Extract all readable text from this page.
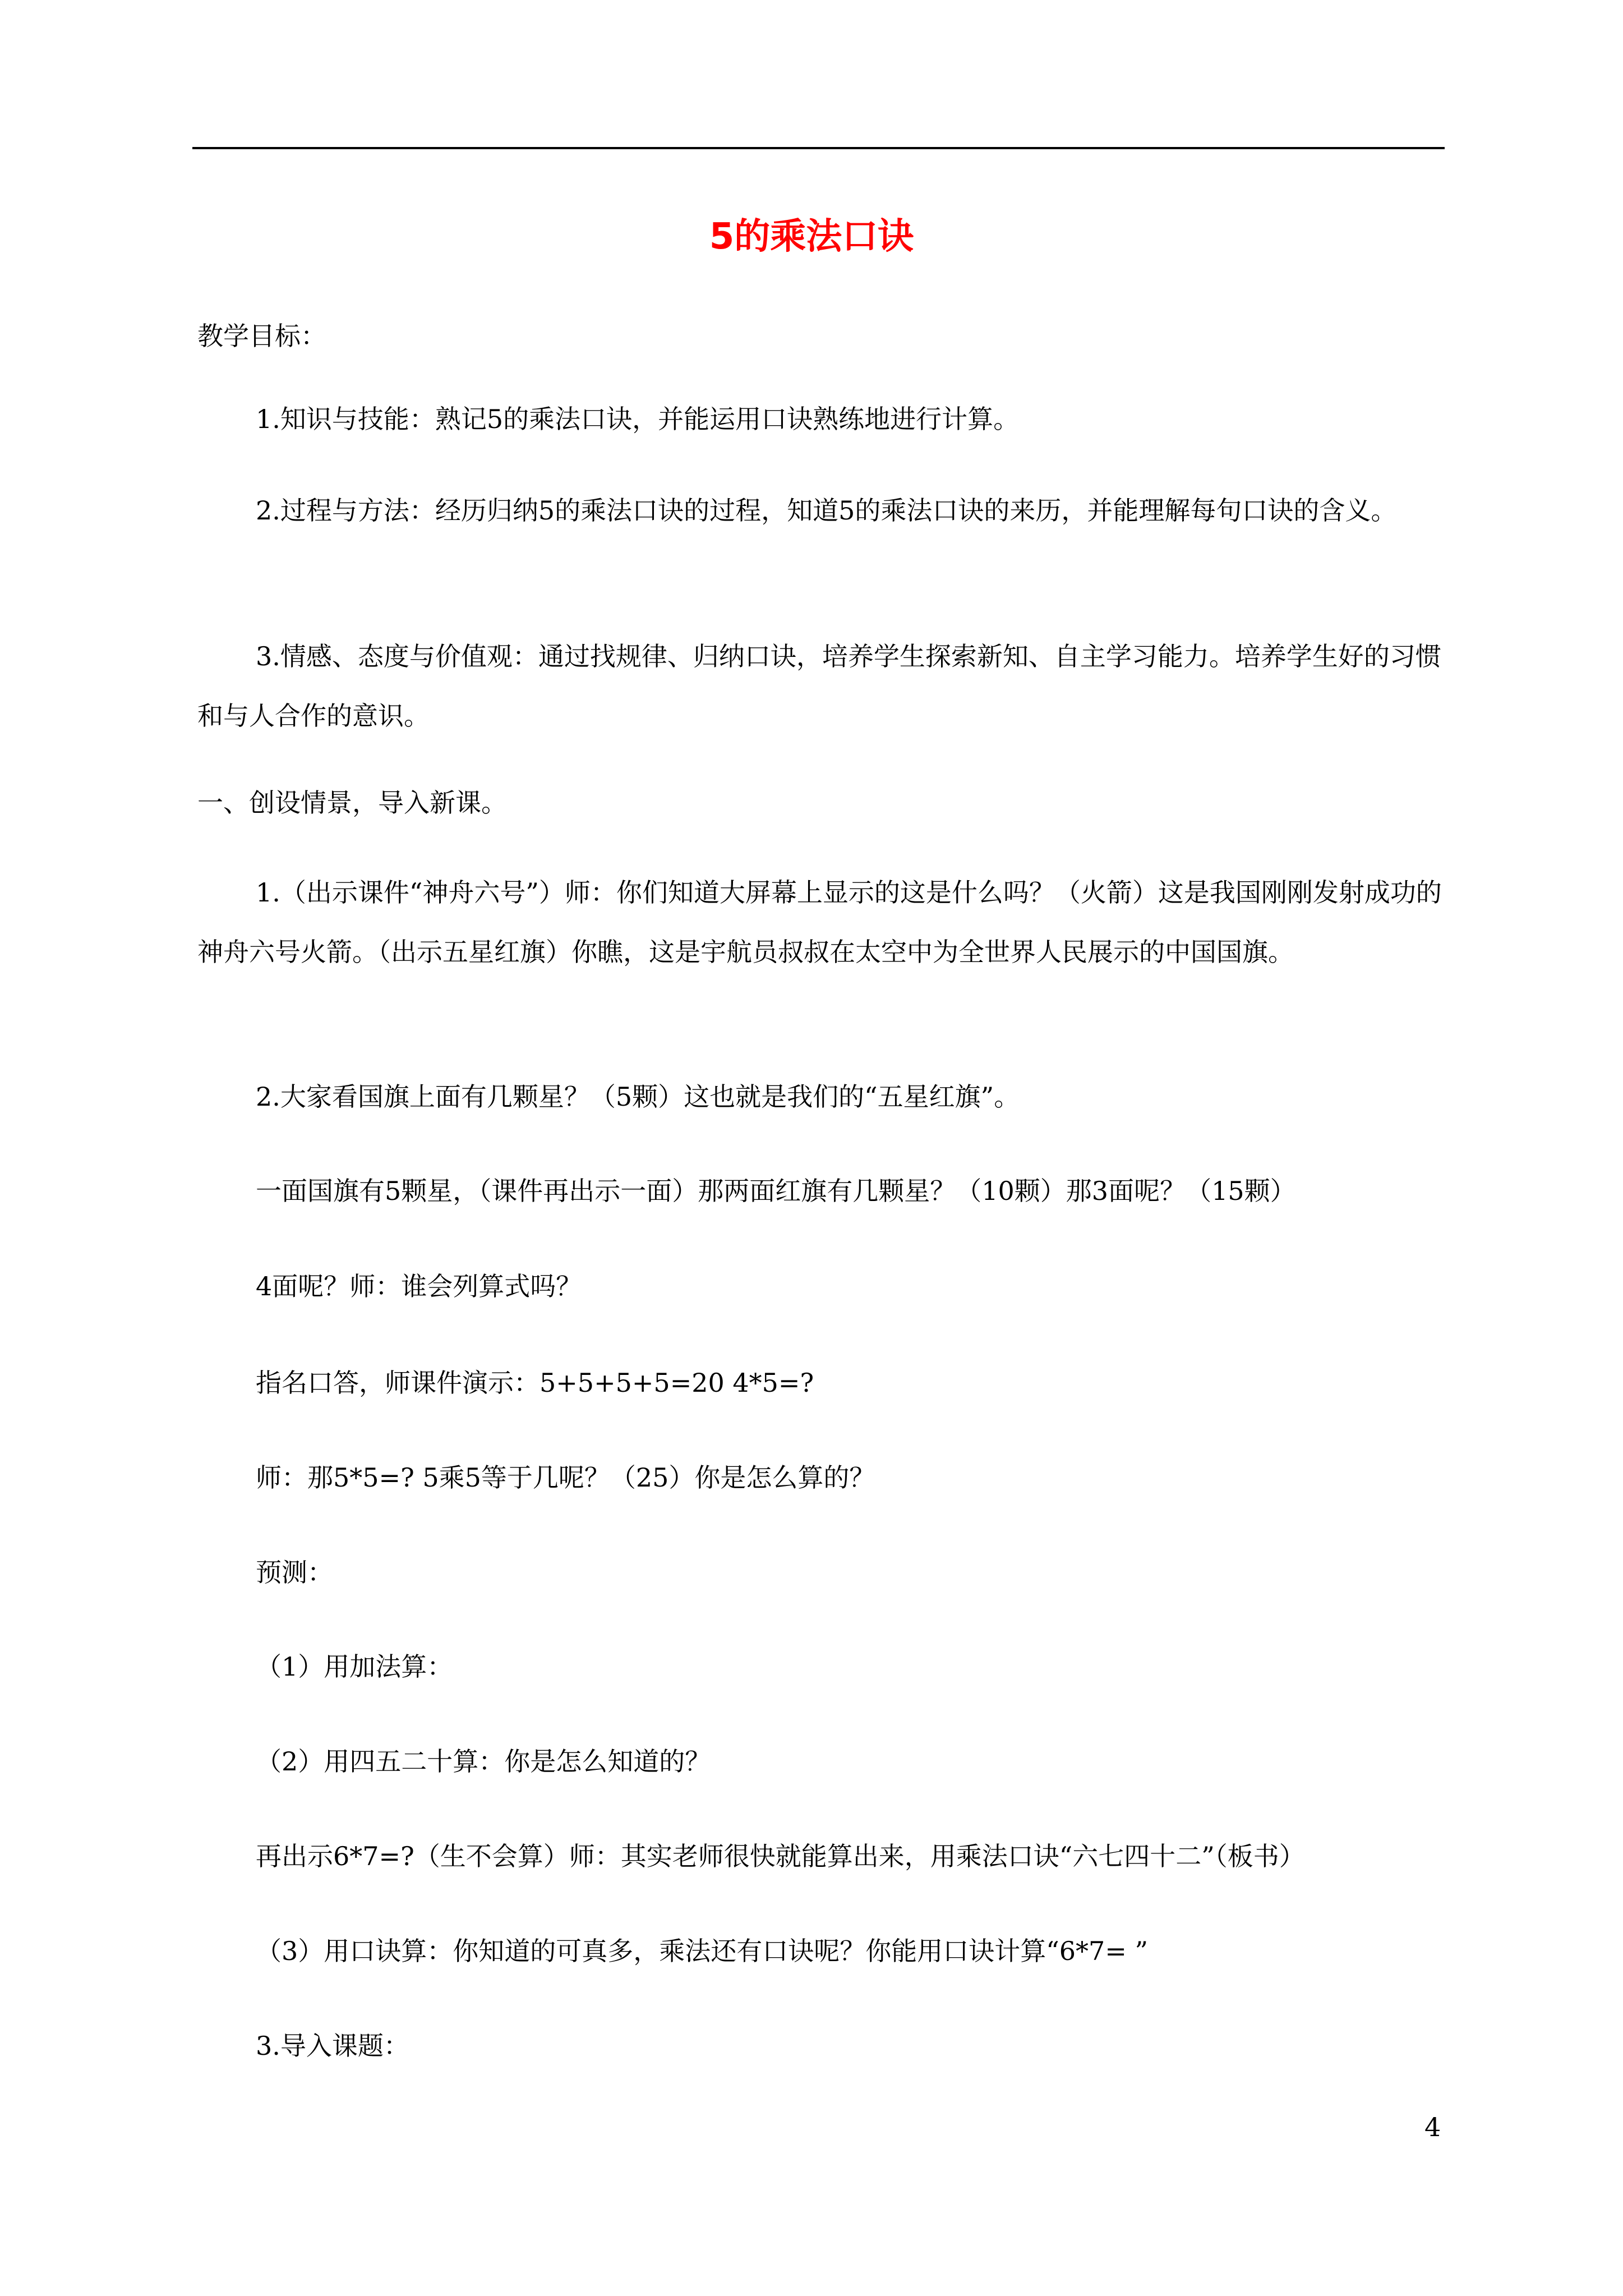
5的乘法口诀
教学目标：
1.知识与技能：熟记5的乘法口诀，并能运用口诀熟练地进行计算。
2.过程与方法：经历归纳5的乘法口诀的过程，知道5的乘法口诀的来历，并能理解每句口诀的含义。
3.情感、态度与价值观：通过找规律、归纳口诀，培养学生探索新知、自主学习能力。培养学生好的习惯和与人合作的意识。
一、创设情景，导入新课。
1.（出示课件“神舟六号”）师：你们知道大屏幕上显示的这是什么吗？（火箭）这是我国刚刚发射成功的神舟六号火箭。（出示五星红旗）你瞧，这是宇航员叔叔在太空中为全世界人民展示的中国国旗。
2.大家看国旗上面有几颗星？（5颗）这也就是我们的“五星红旗”。
一面国旗有5颗星，（课件再出示一面）那两面红旗有几颗星？（10颗）那3面呢？（15颗）
4面呢？师：谁会列算式吗？
指名口答，师课件演示：5+5+5+5=20 4*5=?
师：那5*5=? 5乘5等于几呢？（25）你是怎么算的？
预测：
（1）用加法算：
（2）用四五二十算：你是怎么知道的？
再出示6*7=?（生不会算）师：其实老师很快就能算出来，用乘法口诀“六七四十二”（板书）
（3）用口诀算：你知道的可真多，乘法还有口诀呢？你能用口诀计算“6*7= ”
3.导入课题：
4
